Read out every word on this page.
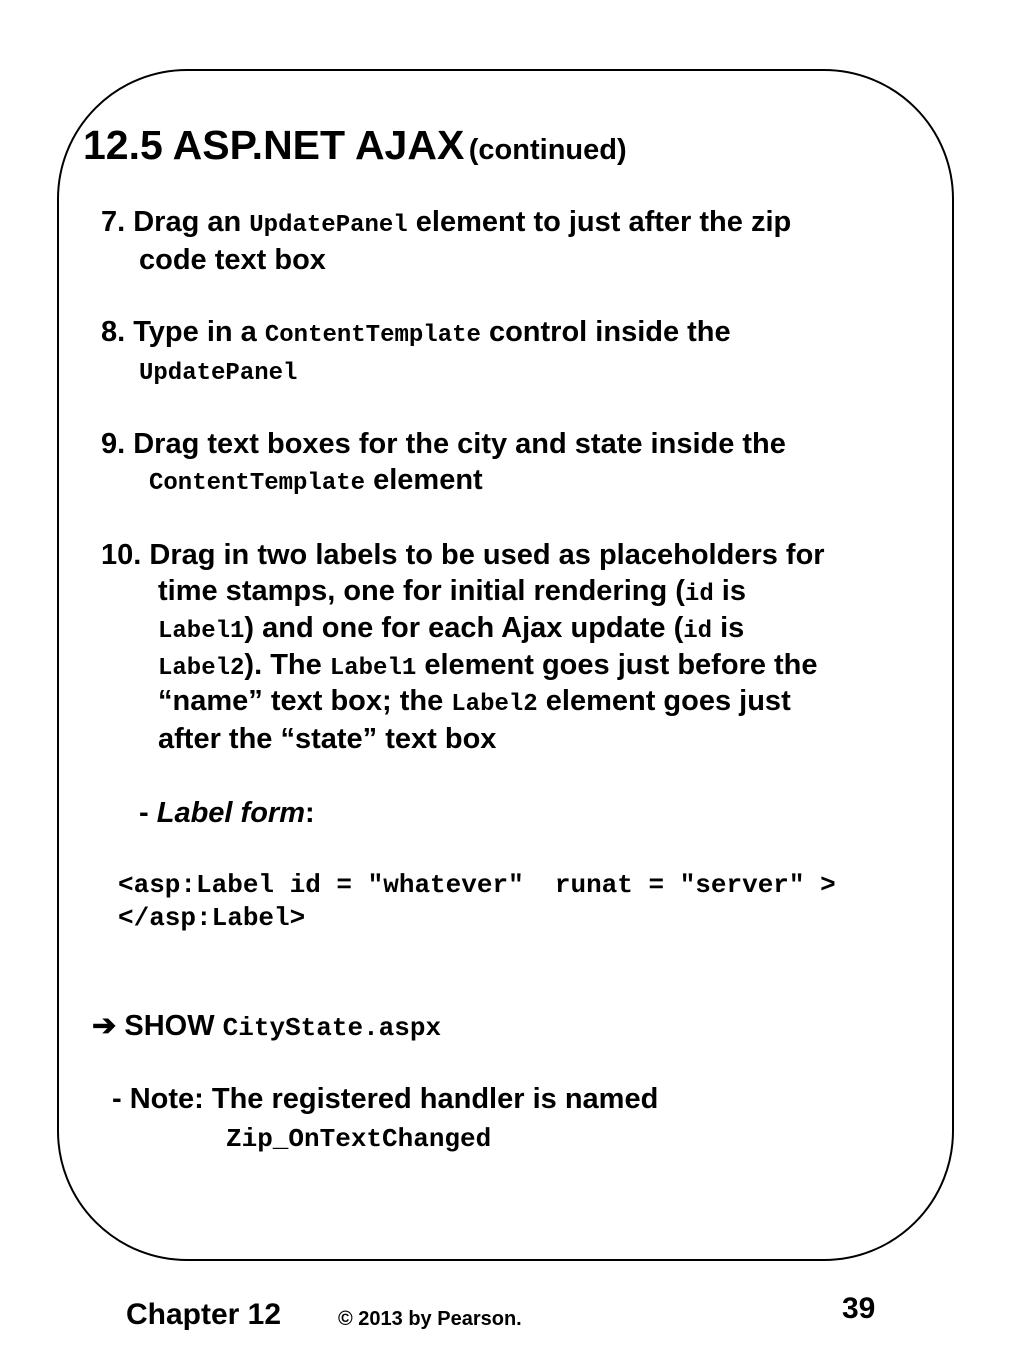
12.5 ASP.NET AJAX (continued)
7. Drag an UpdatePanel element to just after the zip
code text box
8. Type in a ContentTemplate control inside the
UpdatePanel
9. Drag text boxes for the city and state inside the
ContentTemplate element
10. Drag in two labels to be used as placeholders for
time stamps, one for initial rendering (id is
Label1) and one for each Ajax update (id is
Label2). The Label1 element goes just before the
“name” text box; the Label2 element goes just
after the “state” text box
- Label form:
<asp:Label id = "whatever"  runat = "server" >
</asp:Label>
➔ SHOW CityState.aspx
- Note: The registered handler is named
Zip_OnTextChanged
Chapter 12	© 2013 by Pearson.	39
